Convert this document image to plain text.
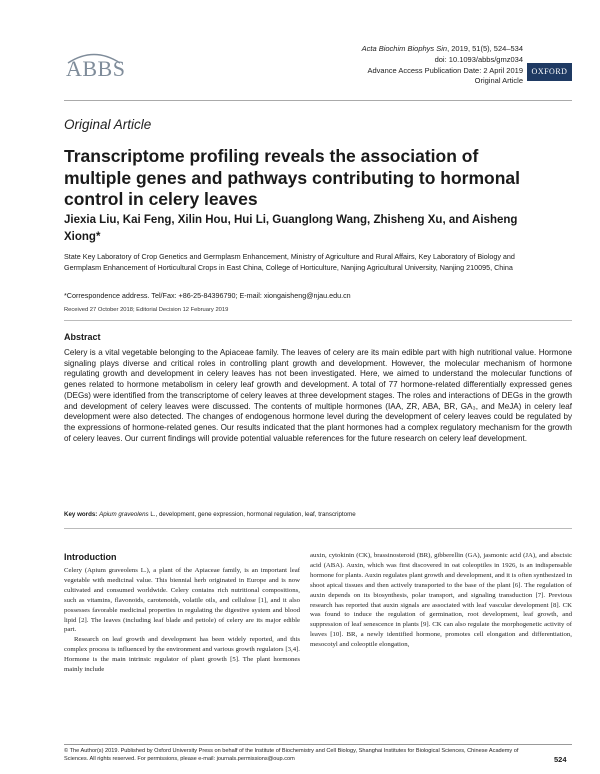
ABBS
Acta Biochim Biophys Sin, 2019, 51(5), 524–534
doi: 10.1093/abbs/gmz034
Advance Access Publication Date: 2 April 2019
Original Article
OXFORD
Original Article
Transcriptome profiling reveals the association of multiple genes and pathways contributing to hormonal control in celery leaves
Jiexia Liu, Kai Feng, Xilin Hou, Hui Li, Guanglong Wang, Zhisheng Xu, and Aisheng Xiong*
State Key Laboratory of Crop Genetics and Germplasm Enhancement, Ministry of Agriculture and Rural Affairs, Key Laboratory of Biology and Germplasm Enhancement of Horticultural Crops in East China, College of Horticulture, Nanjing Agricultural University, Nanjing 210095, China
*Correspondence address. Tel/Fax: +86-25-84396790; E-mail: xiongaisheng@njau.edu.cn
Received 27 October 2018; Editorial Decision 12 February 2019
Abstract
Celery is a vital vegetable belonging to the Apiaceae family. The leaves of celery are its main edible part with high nutritional value. Hormone signaling plays diverse and critical roles in controlling plant growth and development. However, the molecular mechanism of hormone regulating growth and development in celery leaves has not been investigated. Here, we aimed to understand the molecular functions of genes related to hormone metabolism in celery leaf growth and development. A total of 77 hormone-related differentially expressed genes (DEGs) were identified from the transcriptome of celery leaves at three development stages. The roles and interactions of DEGs in the growth and development of celery leaves were discussed. The contents of multiple hormones (IAA, ZR, ABA, BR, GA₃, and MeJA) in celery leaf development were also detected. The changes of endogenous hormone level during the development of celery leaves could be regulated by the expressions of hormone-related genes. Our results indicated that the plant hormones had a complex regulatory mechanism for the growth of celery leaves. Our current findings will provide potential valuable references for the future research on celery leaf development.
Key words: Apium graveolens L., development, gene expression, hormonal regulation, leaf, transcriptome
Introduction
Celery (Apium graveolens L.), a plant of the Apiaceae family, is an important leaf vegetable with medicinal value. This biennial herb originated in Europe and is now cultivated and consumed worldwide. Celery contains rich nutritional compositions, such as vitamins, flavonoids, carotenoids, volatile oils, and cellulose [1], and it also possesses favorable medicinal properties in regulating the digestive system and blood lipid [2]. The leaves (including leaf blade and petiole) of celery are its major edible part.
Research on leaf growth and development has been widely reported, and this complex process is influenced by the environment and various growth regulators [3,4]. Hormone is the main intrinsic regulator of plant growth [5]. The plant hormones mainly include
auxin, cytokinin (CK), brassinosteroid (BR), gibberellin (GA), jasmonic acid (JA), and abscisic acid (ABA). Auxin, which was first discovered in oat coleoptiles in 1926, is an indispensable hormone for plants. Auxin regulates plant growth and development, and it is often synthesized in shoot apical tissues and then actively transported to the base of the plant [6]. The regulation of auxin depends on its biosynthesis, polar transport, and signaling transduction [7]. Previous research has reported that auxin signals are associated with leaf vascular development [8]. CK was found to induce the regulation of germination, root development, leaf growth, and suppression of leaf senescence in plants [9]. CK can also regulate the morphogenetic activity of leaves [10]. BR, a newly identified hormone, promotes cell elongation and differentiation, mesocotyl and coleoptile elongation,
© The Author(s) 2019. Published by Oxford University Press on behalf of the Institute of Biochemistry and Cell Biology, Shanghai Institutes for Biological Sciences, Chinese Academy of Sciences. All rights reserved. For permissions, please e-mail: journals.permissions@oup.com	524
